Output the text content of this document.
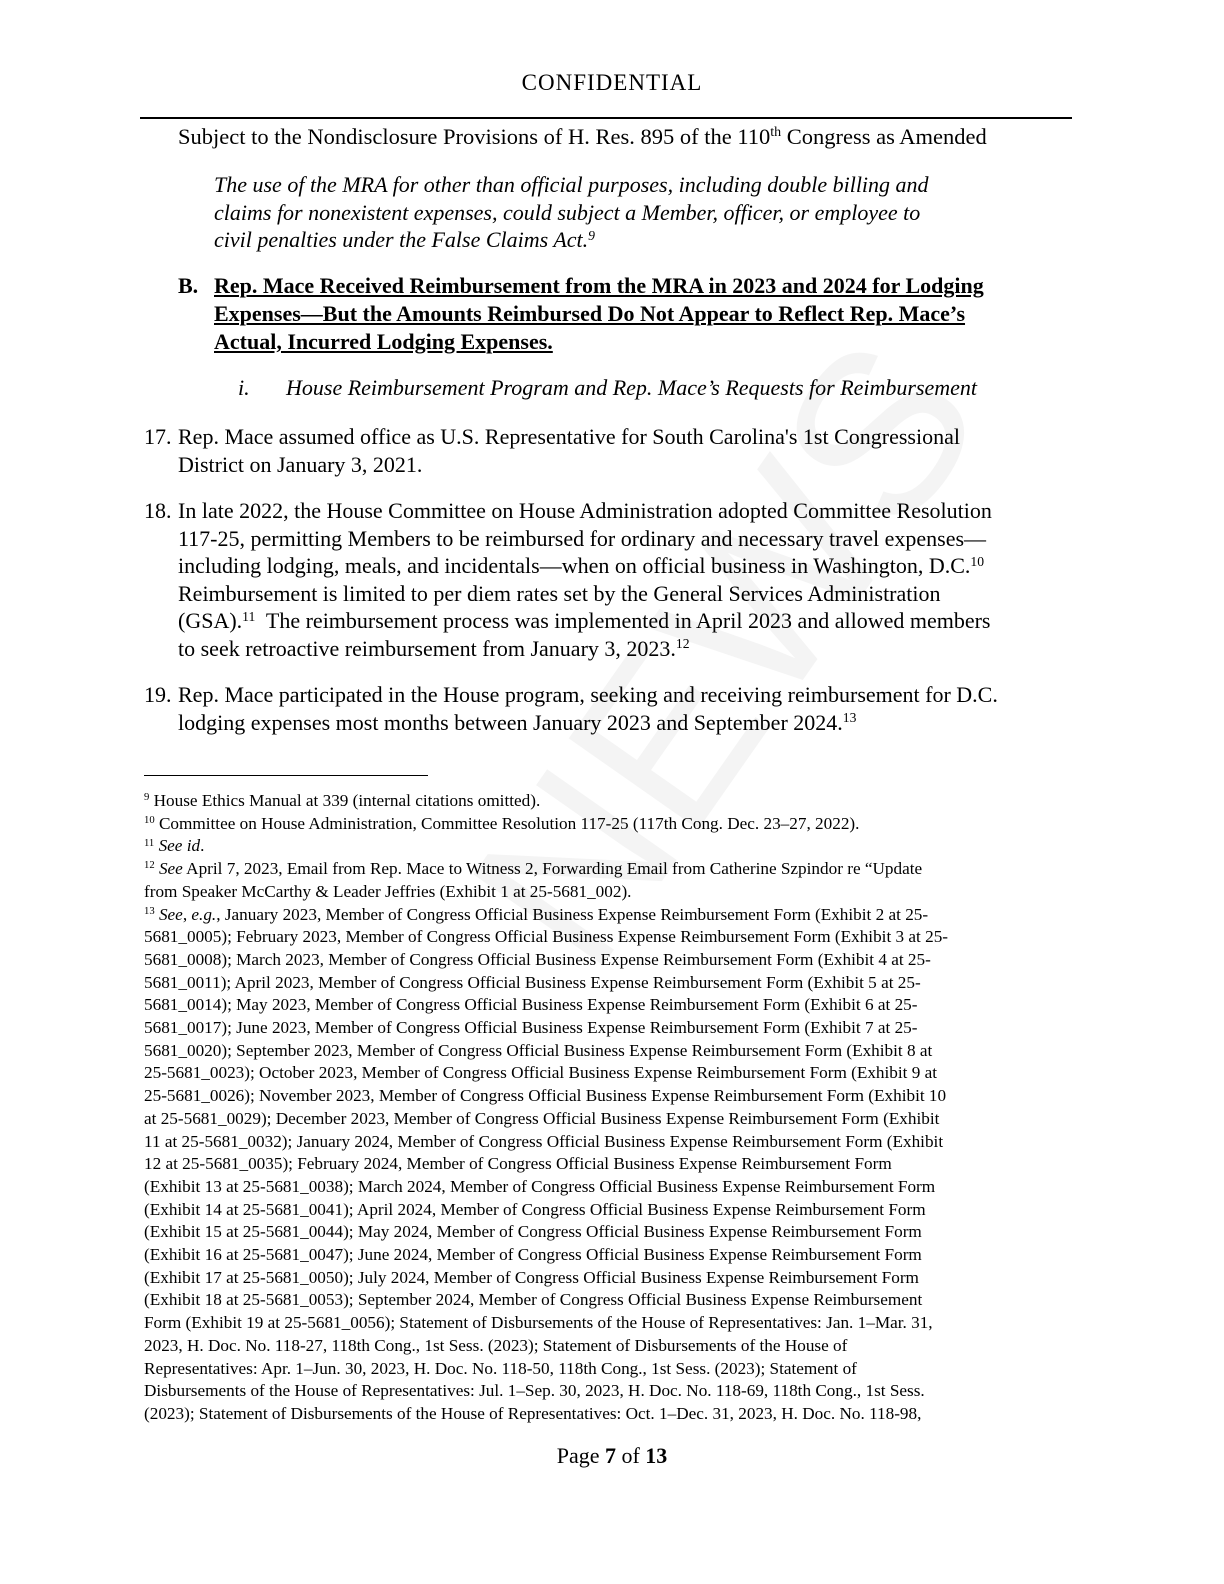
CONFIDENTIAL
Subject to the Nondisclosure Provisions of H. Res. 895 of the 110th Congress as Amended
The use of the MRA for other than official purposes, including double billing and
claims for nonexistent expenses, could subject a Member, officer, or employee to
civil penalties under the False Claims Act.$^9$
B. Rep. Mace Received Reimbursement from the MRA in 2023 and 2024 for Lodging
Expenses—But the Amounts Reimbursed Do Not Appear to Reflect Rep. Mace’s
Actual, Incurred Lodging Expenses.
i. House Reimbursement Program and Rep. Mace’s Requests for Reimbursement
17. Rep. Mace assumed office as U.S. Representative for South Carolina's 1st Congressional
District on January 3, 2021.
18. In late 2022, the House Committee on House Administration adopted Committee Resolution
117-25, permitting Members to be reimbursed for ordinary and necessary travel expenses—
including lodging, meals, and incidentals—when on official business in Washington, D.C.$^{10}$
Reimbursement is limited to per diem rates set by the General Services Administration
(GSA).$^{11}$  The reimbursement process was implemented in April 2023 and allowed members
to seek retroactive reimbursement from January 3, 2023.12
19. Rep. Mace participated in the House program, seeking and receiving reimbursement for D.C.
lodging expenses most months between January 2023 and September 2024.13
$^9$ House Ethics Manual at 339 (internal citations omitted).
$^{10}$ Committee on House Administration, Committee Resolution 117-25 (117th Cong. Dec. 23–27, 2022).
$^{11}$ See id.
$^{12}$ See April 7, 2023, Email from Rep. Mace to Witness 2, Forwarding Email from Catherine Szpindor re “Update
from Speaker McCarthy & Leader Jeffries (Exhibit 1 at 25-5681_002).
$^{13}$ See, e.g., January 2023, Member of Congress Official Business Expense Reimbursement Form (Exhibit 2 at 25-
5681_0005); February 2023, Member of Congress Official Business Expense Reimbursement Form (Exhibit 3 at 25-
5681_0008); March 2023, Member of Congress Official Business Expense Reimbursement Form (Exhibit 4 at 25-
5681_0011); April 2023, Member of Congress Official Business Expense Reimbursement Form (Exhibit 5 at 25-
5681_0014); May 2023, Member of Congress Official Business Expense Reimbursement Form (Exhibit 6 at 25-
5681_0017); June 2023, Member of Congress Official Business Expense Reimbursement Form (Exhibit 7 at 25-
5681_0020); September 2023, Member of Congress Official Business Expense Reimbursement Form (Exhibit 8 at
25-5681_0023); October 2023, Member of Congress Official Business Expense Reimbursement Form (Exhibit 9 at
25-5681_0026); November 2023, Member of Congress Official Business Expense Reimbursement Form (Exhibit 10
at 25-5681_0029); December 2023, Member of Congress Official Business Expense Reimbursement Form (Exhibit
11 at 25-5681_0032); January 2024, Member of Congress Official Business Expense Reimbursement Form (Exhibit
12 at 25-5681_0035); February 2024, Member of Congress Official Business Expense Reimbursement Form
(Exhibit 13 at 25-5681_0038); March 2024, Member of Congress Official Business Expense Reimbursement Form
(Exhibit 14 at 25-5681_0041); April 2024, Member of Congress Official Business Expense Reimbursement Form
(Exhibit 15 at 25-5681_0044); May 2024, Member of Congress Official Business Expense Reimbursement Form
(Exhibit 16 at 25-5681_0047); June 2024, Member of Congress Official Business Expense Reimbursement Form
(Exhibit 17 at 25-5681_0050); July 2024, Member of Congress Official Business Expense Reimbursement Form
(Exhibit 18 at 25-5681_0053); September 2024, Member of Congress Official Business Expense Reimbursement
Form (Exhibit 19 at 25-5681_0056); Statement of Disbursements of the House of Representatives: Jan. 1–Mar. 31,
2023, H. Doc. No. 118-27, 118th Cong., 1st Sess. (2023); Statement of Disbursements of the House of
Representatives: Apr. 1–Jun. 30, 2023, H. Doc. No. 118-50, 118th Cong., 1st Sess. (2023); Statement of
Disbursements of the House of Representatives: Jul. 1–Sep. 30, 2023, H. Doc. No. 118-69, 118th Cong., 1st Sess.
(2023); Statement of Disbursements of the House of Representatives: Oct. 1–Dec. 31, 2023, H. Doc. No. 118-98,
Page 7 of 13
